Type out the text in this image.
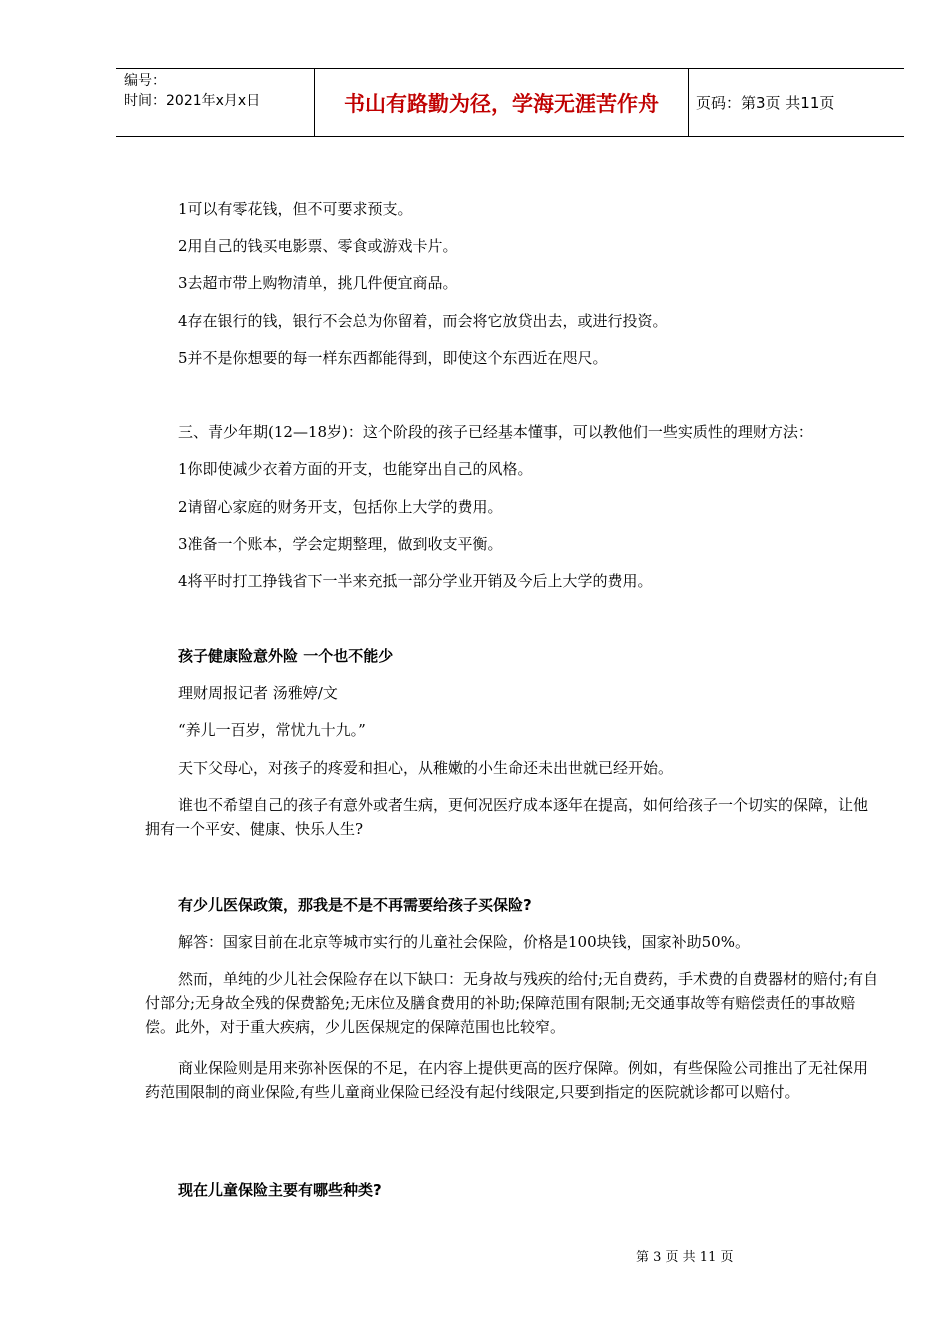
编号：
时间：2021年x月x日	书山有路勤为径，学海无涯苦作舟	页码：第3页 共11页
1可以有零花钱，但不可要求预支。
2用自己的钱买电影票、零食或游戏卡片。
3去超市带上购物清单，挑几件便宜商品。
4存在银行的钱，银行不会总为你留着，而会将它放贷出去，或进行投资。
5并不是你想要的每一样东西都能得到，即使这个东西近在咫尺。
三、青少年期(12—18岁)：这个阶段的孩子已经基本懂事，可以教他们一些实质性的理财方法：
1你即使减少衣着方面的开支，也能穿出自己的风格。
2请留心家庭的财务开支，包括你上大学的费用。
3准备一个账本，学会定期整理，做到收支平衡。
4将平时打工挣钱省下一半来充抵一部分学业开销及今后上大学的费用。
孩子健康险意外险 一个也不能少
理财周报记者 汤雅婷/文
“养儿一百岁，常忧九十九。”
天下父母心，对孩子的疼爱和担心，从稚嫩的小生命还未出世就已经开始。
谁也不希望自己的孩子有意外或者生病，更何况医疗成本逐年在提高，如何给孩子一个切实的保障，让他拥有一个平安、健康、快乐人生?
有少儿医保政策，那我是不是不再需要给孩子买保险?
解答：国家目前在北京等城市实行的儿童社会保险，价格是100块钱，国家补助50%。
然而，单纯的少儿社会保险存在以下缺口：无身故与残疾的给付;无自费药，手术费的自费器材的赔付;有自付部分;无身故全残的保费豁免;无床位及膳食费用的补助;保障范围有限制;无交通事故等有赔偿责任的事故赔偿。此外，对于重大疾病，少儿医保规定的保障范围也比较窄。
商业保险则是用来弥补医保的不足，在内容上提供更高的医疗保障。例如，有些保险公司推出了无社保用药范围限制的商业保险,有些儿童商业保险已经没有起付线限定,只要到指定的医院就诊都可以赔付。
现在儿童保险主要有哪些种类?
第 3 页 共 11 页
